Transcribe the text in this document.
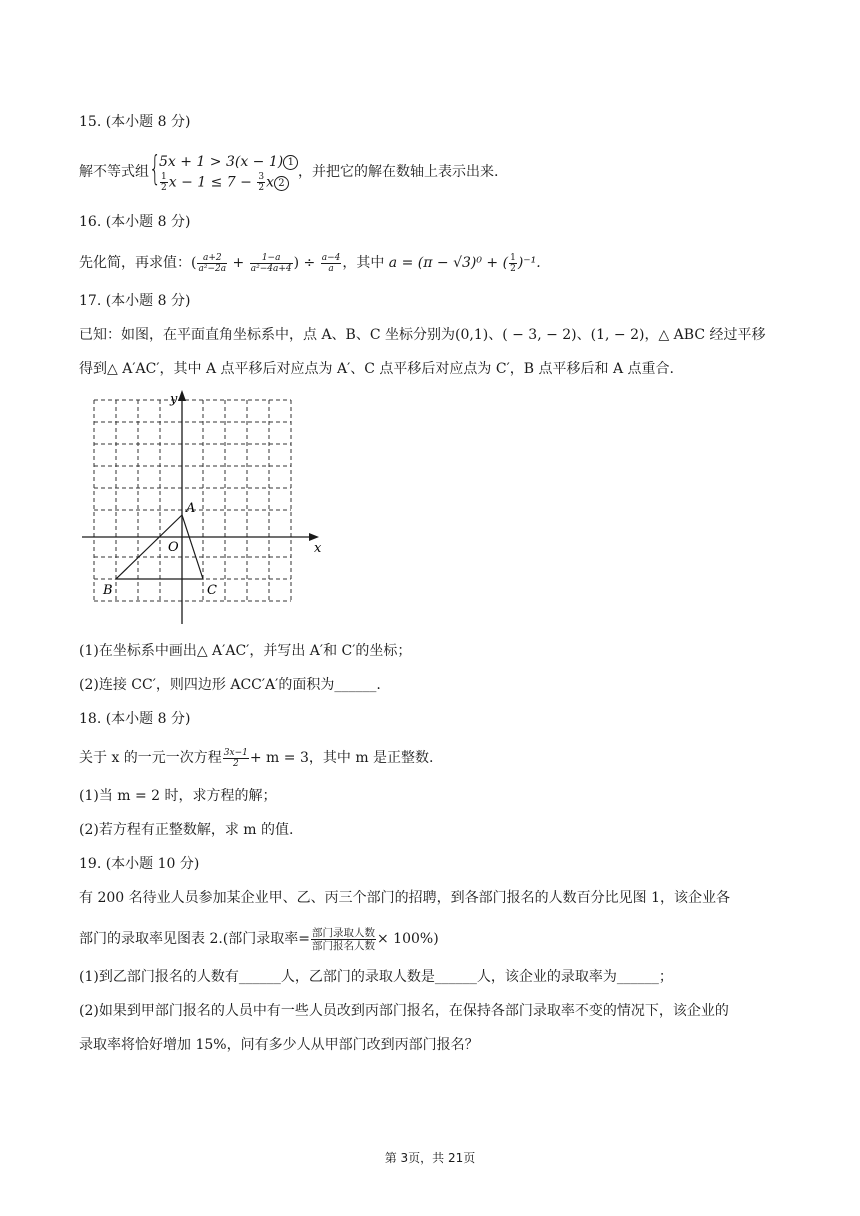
15. (本小题 8 分)
解不等式组 {
5x + 1 > 3(x − 1) 1
$\frac{1}{2}$ $x - 1 \le 7 - \frac{3}{2}$ x 2
，并把它的解在数轴上表示出来.
16. (本小题 8 分)
先化简，再求值：( $\frac{a+2}{\text{a²−2a}} + \frac{1-a}{\text{a²−4a+4}}$ ) ÷ $\frac{a-4}{a}$ ，其中 a = (π − √3)⁰ + ( $\frac{1}{2} )^{-1}$.
17. (本小题 8 分)
已知：如图，在平面直角坐标系中，点 A、B、C 坐标分别为(0,1)、( − 3, − 2)、(1, − 2)，△ ABC 经过平移
得到△ A′AC′，其中 A 点平移后对应点为 A′、C 点平移后对应点为 C′，B 点平移后和 A 点重合.
x
y
O
A
B	C
(1)在坐标系中画出△ A′AC′，并写出 A′和 C′的坐标；
(2)连接 CC′，则四边形 ACC′A′的面积为______.
18. (本小题 8 分)
关于 x 的一元一次方程 $\frac{3x-1}{2} + m = 3$，其中 m 是正整数.
(1)当 m = 2 时，求方程的解；
(2)若方程有正整数解，求 m 的值.
19. (本小题 10 分)
有 200 名待业人员参加某企业甲、乙、丙三个部门的招聘，到各部门报名的人数百分比见图 1，该企业各
部门的录取率见图表 2.(部门录取率= $\frac{\text{部门录取人数}}{\text{部门报名人数}} \times 100\%$)
(1)到乙部门报名的人数有______人，乙部门的录取人数是______人，该企业的录取率为______；
(2)如果到甲部门报名的人员中有一些人员改到丙部门报名，在保持各部门录取率不变的情况下，该企业的
录取率将恰好增加 15%，问有多少人从甲部门改到丙部门报名？
第 3页，共 21页
